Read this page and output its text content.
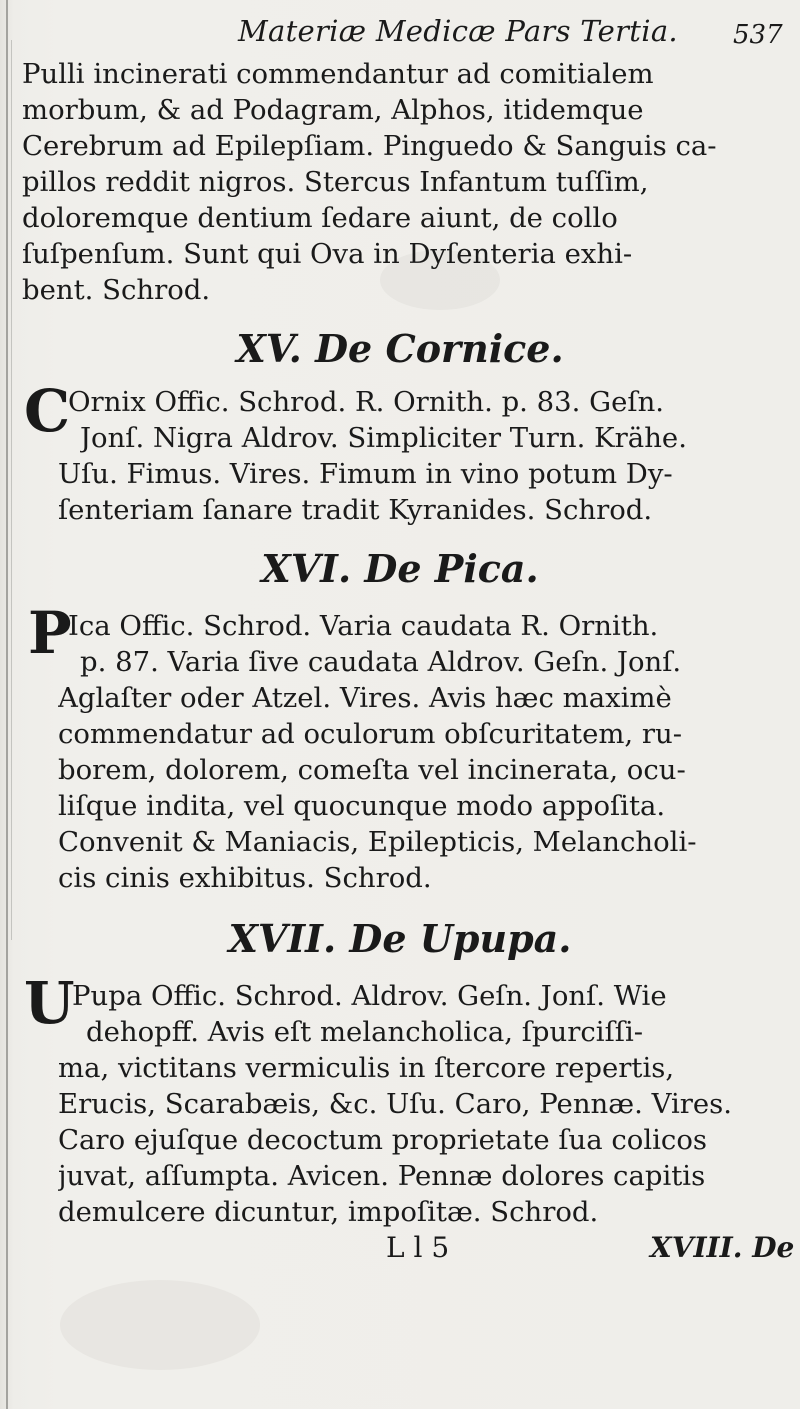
Materiæ Medicæ Pars Tertia. 537
Pulli incinerati commendantur ad comitialem
morbum, & ad Podagram, Alphos, itidemque
Cerebrum ad Epilepſiam. Pinguedo & Sanguis ca-
pillos reddit nigros. Stercus Infantum tuſſim,
doloremque dentium ſedare aiunt, de collo
ſuſpenſum. Sunt qui Ova in Dyſenteria exhi-
bent. Schrod.
XV. De Cornice.
C
Ornix Offic. Schrod. R. Ornith. p. 83. Geſn.
Jonſ. Nigra Aldrov. Simpliciter Turn. Krähe.
Uſu. Fimus. Vires. Fimum in vino potum Dy-
ſenteriam ſanare tradit Kyranides. Schrod.
XVI. De Pica.
P
Ica Offic. Schrod. Varia caudata R. Ornith.
p. 87. Varia ſive caudata Aldrov. Geſn. Jonſ.
Aglaſter oder Atzel. Vires. Avis hæc maximè
commendatur ad oculorum obſcuritatem, ru-
borem, dolorem, comeſta vel incinerata, ocu-
liſque indita, vel quocunque modo appoſita.
Convenit & Maniacis, Epilepticis, Melancholi-
cis cinis exhibitus. Schrod.
XVII. De Upupa.
U
Pupa Offic. Schrod. Aldrov. Geſn. Jonſ. Wie
dehopff. Avis eſt melancholica, ſpurciſſi-
ma, victitans vermiculis in ſtercore repertis,
Erucis, Scarabæis, &c. Uſu. Caro, Pennæ. Vires.
Caro ejuſque decoctum proprietate ſua colicos
juvat, aſſumpta. Avicen. Pennæ dolores capitis
demulcere dicuntur, impoſitæ. Schrod.
L l 5	XVIII. De
